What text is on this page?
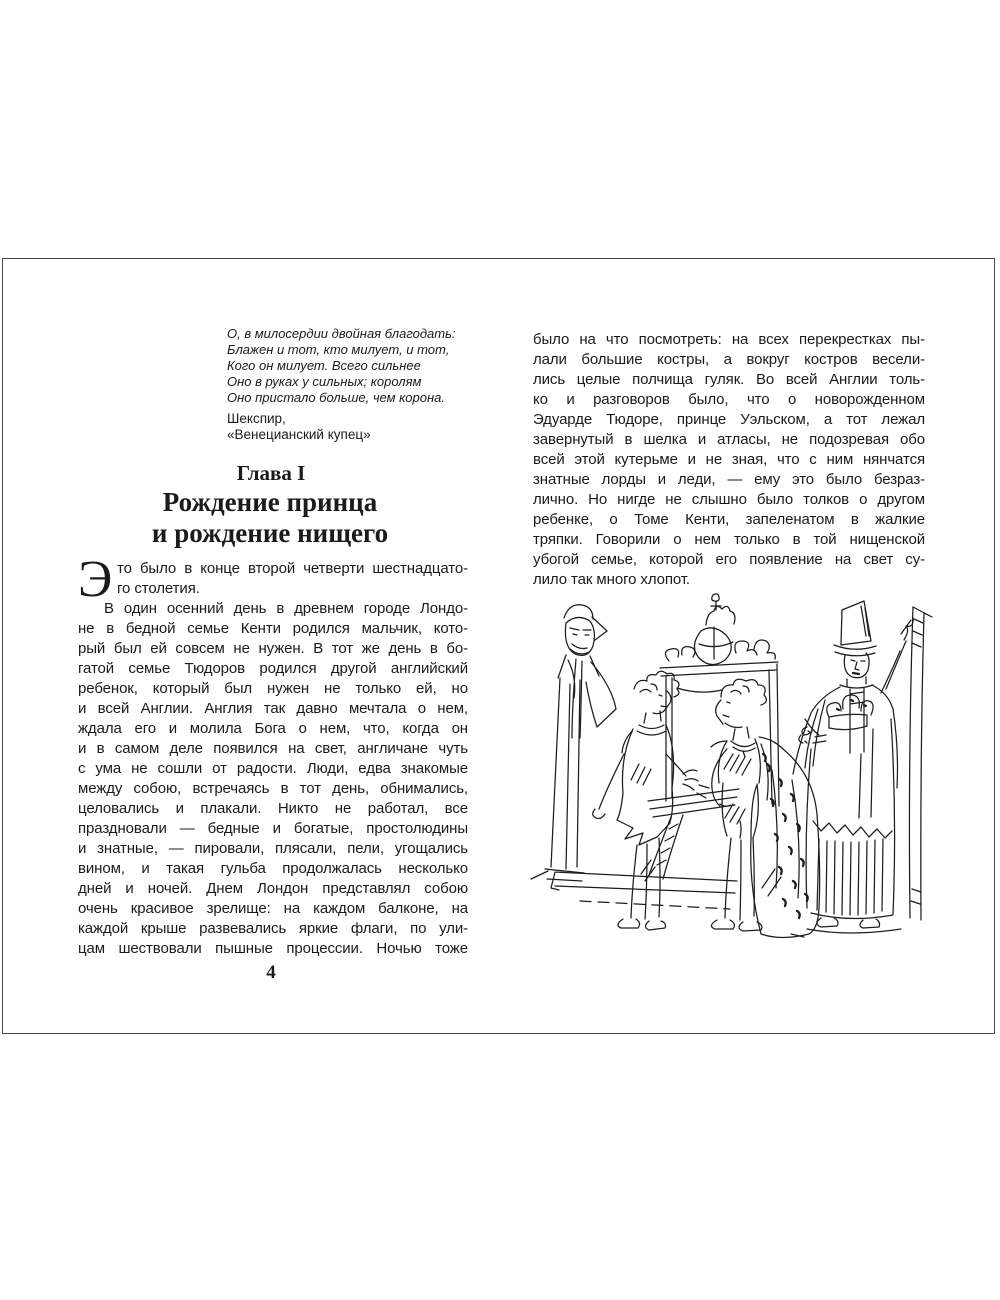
О, в милосердии двойная благодать:
Блажен и тот, кто милует, и тот,
Кого он милует. Всего сильнее
Оно в руках у сильных; королям
Оно пристало больше, чем корона.
Шекспир,
«Венецианский купец»
Глава I
Рождение принца
и рождение нищего
Э то было в конце второй четверти шестнадцато-
го столетия.
В один осенний день в древнем городе Лондо-
не в бедной семье Кенти родился мальчик, кото-
рый был ей совсем не нужен. В тот же день в бо-
гатой семье Тюдоров родился другой английский
ребенок, который был нужен не только ей, но
и всей Англии. Англия так давно мечтала о нем,
ждала его и молила Бога о нем, что, когда он
и в самом деле появился на свет, англичане чуть
с ума не сошли от радости. Люди, едва знакомые
между собою, встречаясь в тот день, обнимались,
целовались и плакали. Никто не работал, все
праздновали — бедные и богатые, простолюдины
и знатные, — пировали, плясали, пели, угощались
вином, и такая гульба продолжалась несколько
дней и ночей. Днем Лондон представлял собою
очень красивое зрелище: на каждом балконе, на
каждой крыше развевались яркие флаги, по ули-
цам шествовали пышные процессии. Ночью тоже
было на что посмотреть: на всех перекрестках пы-
лали большие костры, а вокруг костров весели-
лись целые полчища гуляк. Во всей Англии толь-
ко и разговоров было, что о новорожденном
Эдуарде Тюдоре, принце Уэльском, а тот лежал
завернутый в шелка и атласы, не подозревая обо
всей этой кутерьме и не зная, что с ним нянчатся
знатные лорды и леди, — ему это было безраз-
лично. Но нигде не слышно было толков о другом
ребенке, о Томе Кенти, запеленатом в жалкие
тряпки. Говорили о нем только в той нищенской
убогой семье, которой его появление на свет су-
лило так много хлопот.
4
